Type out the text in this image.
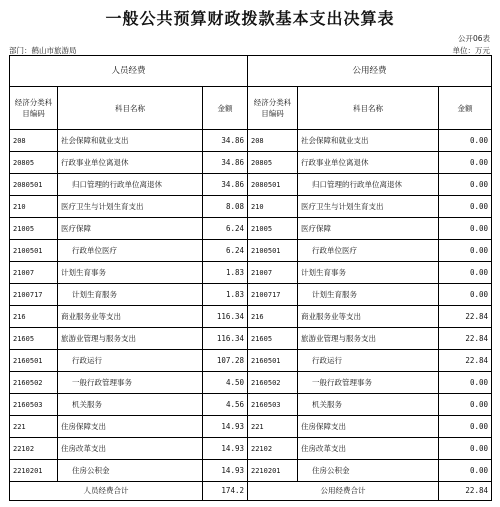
一般公共预算财政拨款基本支出决算表
公开06表
部门：鹤山市旅游局	单位：万元
人员经费			公用经费		
经济分类科目编码	科目名称	金额	经济分类科目编码	科目名称	金额
208	社会保障和就业支出	34.86	208	社会保障和就业支出	0.00
20805	行政事业单位离退休	34.86	20805	行政事业单位离退休	0.00
2080501	归口管理的行政单位离退休	34.86	2080501	归口管理的行政单位离退休	0.00
210	医疗卫生与计划生育支出	8.08	210	医疗卫生与计划生育支出	0.00
21005	医疗保障	6.24	21005	医疗保障	0.00
2100501	行政单位医疗	6.24	2100501	行政单位医疗	0.00
21007	计划生育事务	1.83	21007	计划生育事务	0.00
2100717	计划生育服务	1.83	2100717	计划生育服务	0.00
216	商业服务业等支出	116.34	216	商业服务业等支出	22.84
21605	旅游业管理与服务支出	116.34	21605	旅游业管理与服务支出	22.84
2160501	行政运行	107.28	2160501	行政运行	22.84
2160502	一般行政管理事务	4.50	2160502	一般行政管理事务	0.00
2160503	机关服务	4.56	2160503	机关服务	0.00
221	住房保障支出	14.93	221	住房保障支出	0.00
22102	住房改革支出	14.93	22102	住房改革支出	0.00
2210201	住房公积金	14.93	2210201	住房公积金	0.00
人员经费合计		174.2	公用经费合计		22.84
